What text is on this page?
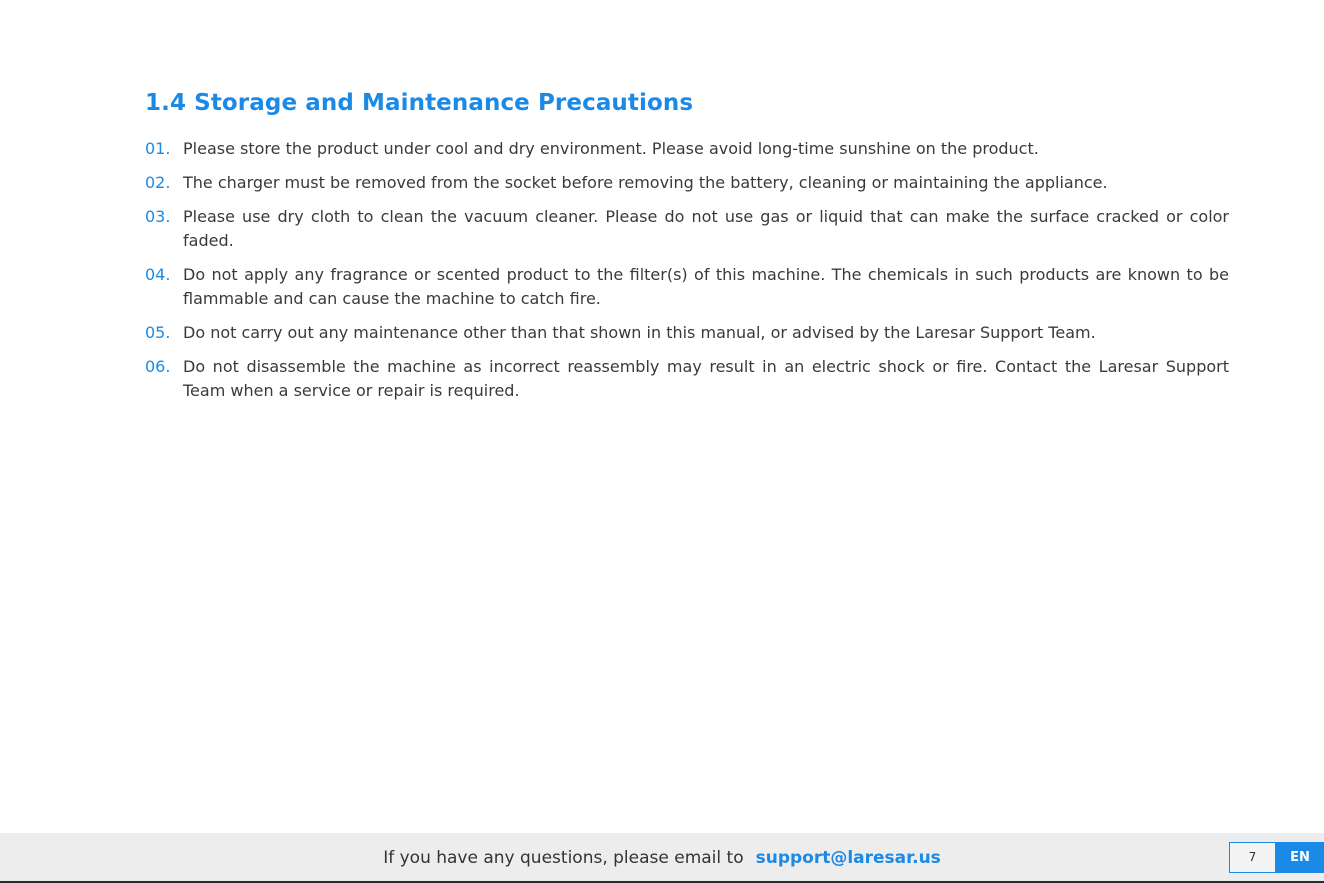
1.4 Storage and Maintenance Precautions
01. Please store the product under cool and dry environment. Please avoid long-time sunshine on the product.
02. The charger must be removed from the socket before removing the battery, cleaning or maintaining the appliance.
03. Please use dry cloth to clean the vacuum cleaner. Please do not use gas or liquid that can make the surface cracked or color faded.
04. Do not apply any fragrance or scented product to the filter(s) of this machine. The chemicals in such products are known to be flammable and can cause the machine to catch fire.
05. Do not carry out any maintenance other than that shown in this manual, or advised by the Laresar Support Team.
06. Do not disassemble the machine as incorrect reassembly may result in an electric shock or fire. Contact the Laresar Support Team when a service or repair is required.
If you have any questions, please email to support@laresar.us	7	EN
